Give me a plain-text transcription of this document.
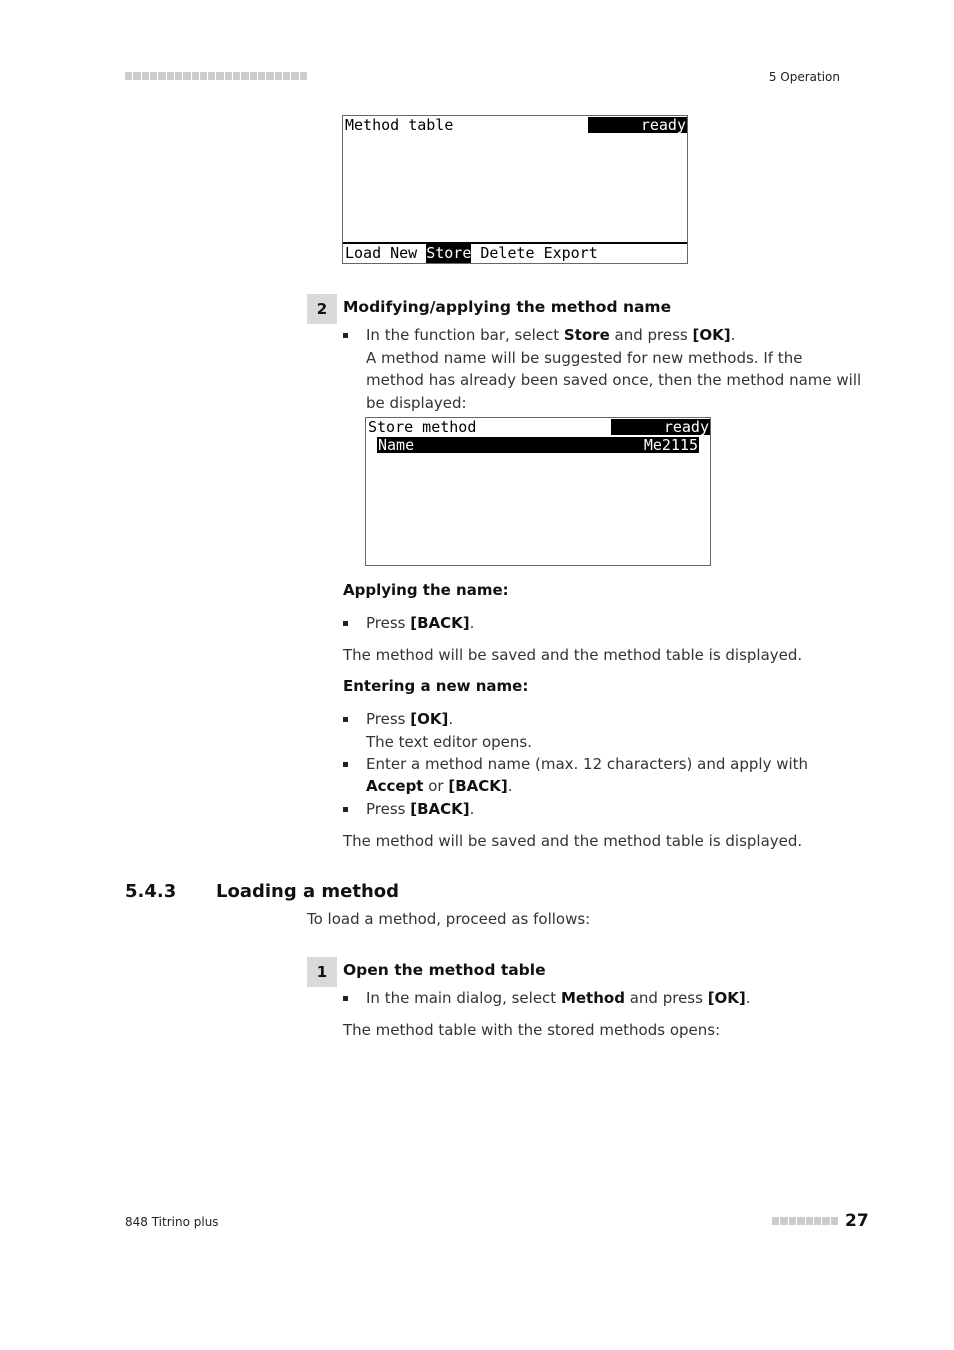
5 Operation
Method table	ready
Load New Store Delete Export
2	Modifying/applying the method name
In the function bar, select Store and press [OK].
A method name will be suggested for new methods. If the
method has already been saved once, then the method name will
be displayed:
Store method	ready
Name	Me2115
Applying the name:
Press [BACK].
The method will be saved and the method table is displayed.
Entering a new name:
Press [OK].
The text editor opens.
Enter a method name (max. 12 characters) and apply with
Accept or [BACK].
Press [BACK].
The method will be saved and the method table is displayed.
5.4.3 Loading a method
To load a method, proceed as follows:
1	Open the method table
In the main dialog, select Method and press [OK].
The method table with the stored methods opens:
848 Titrino plus	27
